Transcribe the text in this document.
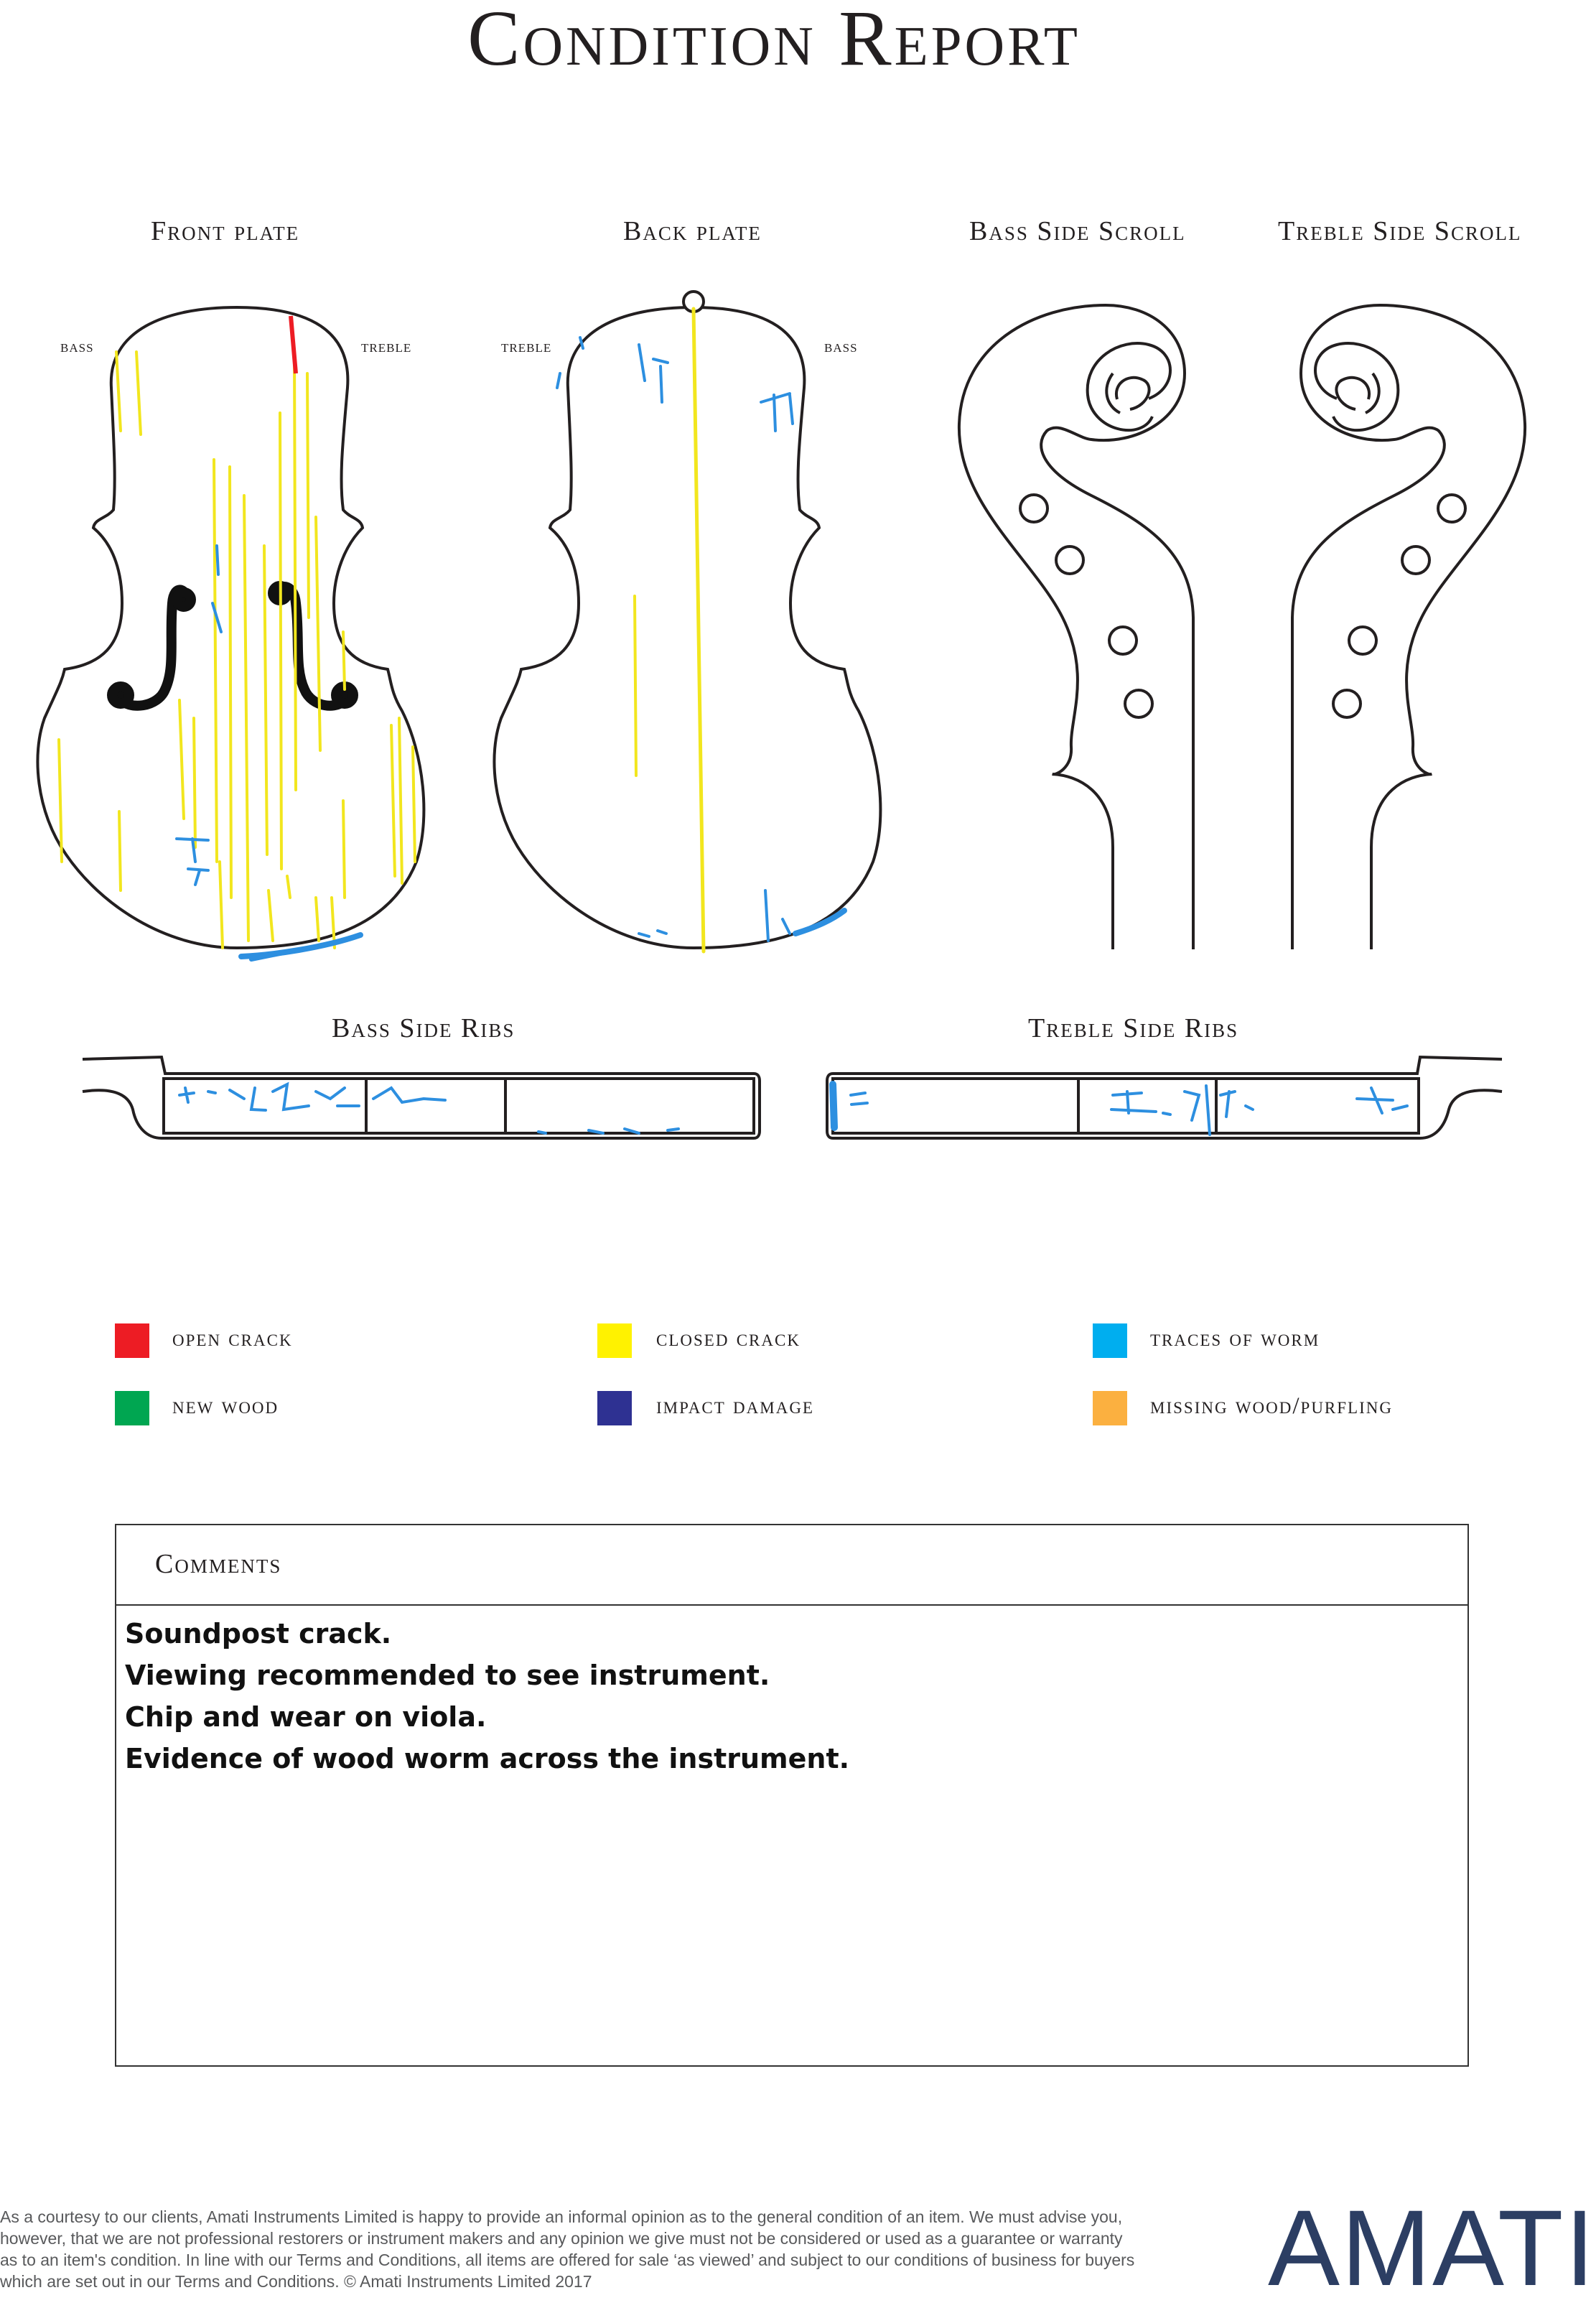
Condition Report
Front plate	Back plate	Bass Side Scroll	Treble Side Scroll
Bass Side Ribs	Treble Side Ribs
bass	treble	treble	bass
open crack	closed crack	traces of worm
new wood	impact damage	missing wood/purfling
Comments
Soundpost crack.
Viewing recommended to see instrument.
Chip and wear on viola.
Evidence of wood worm across the instrument.
As a courtesy to our clients, Amati Instruments Limited is happy to provide an informal opinion as to the general condition of an item. We must advise you, however, that we are not professional restorers or instrument makers and any opinion we give must not be considered or used as a guarantee or warranty as to an item's condition. In line with our Terms and Conditions, all items are offered for sale ‘as viewed’ and subject to our conditions of business for buyers which are set out in our Terms and Conditions. © Amati Instruments Limited 2017	AMATI
